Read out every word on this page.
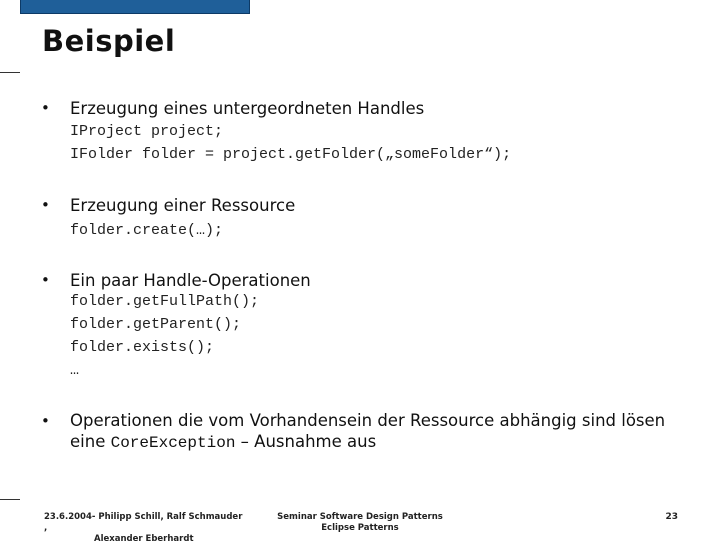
Beispiel
• Erzeugung eines untergeordneten Handles
IProject project;
IFolder folder = project.getFolder(„someFolder“);
• Erzeugung einer Ressource
folder.create(…);
• Ein paar Handle-Operationen
folder.getFullPath();
folder.getParent();
folder.exists();
…
• Operationen die vom Vorhandensein der Ressource abhängig sind lösen
eine CoreException – Ausnahme aus
23.6.2004- Philipp Schill, Ralf Schmauder ,
Alexander Eberhardt
Seminar Software Design Patterns
Eclipse Patterns
23
